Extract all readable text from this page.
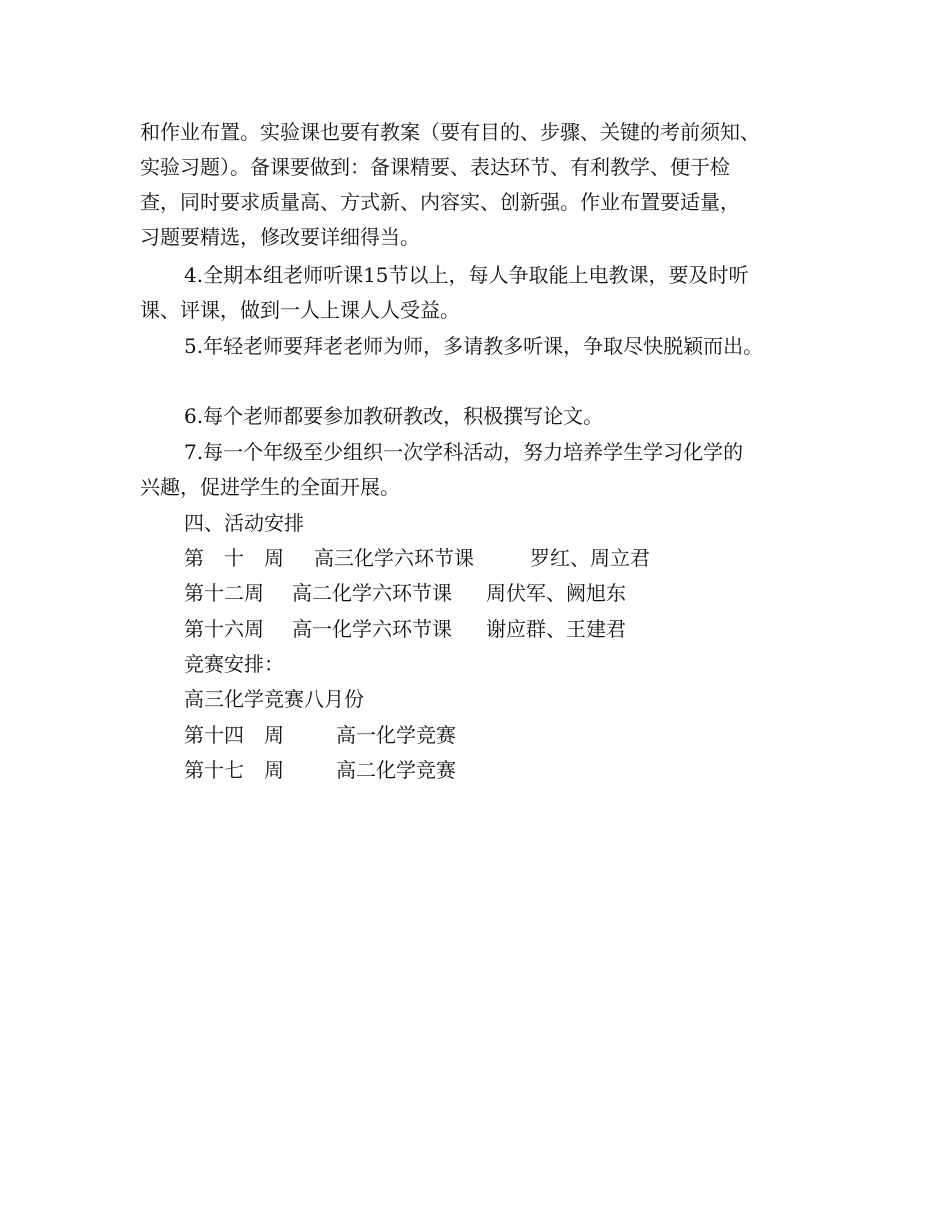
和作业布置。实验课也要有教案（要有目的、步骤、关键的考前须知、
实验习题）。备课要做到：备课精要、表达环节、有利教学、便于检
查，同时要求质量高、方式新、内容实、创新强。作业布置要适量，
习题要精选，修改要详细得当。
4.全期本组老师听课15节以上，每人争取能上电教课，要及时听
课、评课，做到一人上课人人受益。
5.年轻老师要拜老老师为师，多请教多听课，争取尽快脱颖而出。
6.每个老师都要参加教研教改，积极撰写论文。
7.每一个年级至少组织一次学科活动，努力培养学生学习化学的
兴趣，促进学生的全面开展。
四、活动安排
第　十　周 高三化学六环节课	罗红、周立君
第十二周 高二化学六环节课 周伏军、阙旭东
第十六周 高一化学六环节课 谢应群、王建君
竞赛安排：
高三化学竞赛八月份
第十四　周	高一化学竞赛
第十七　周	高二化学竞赛
